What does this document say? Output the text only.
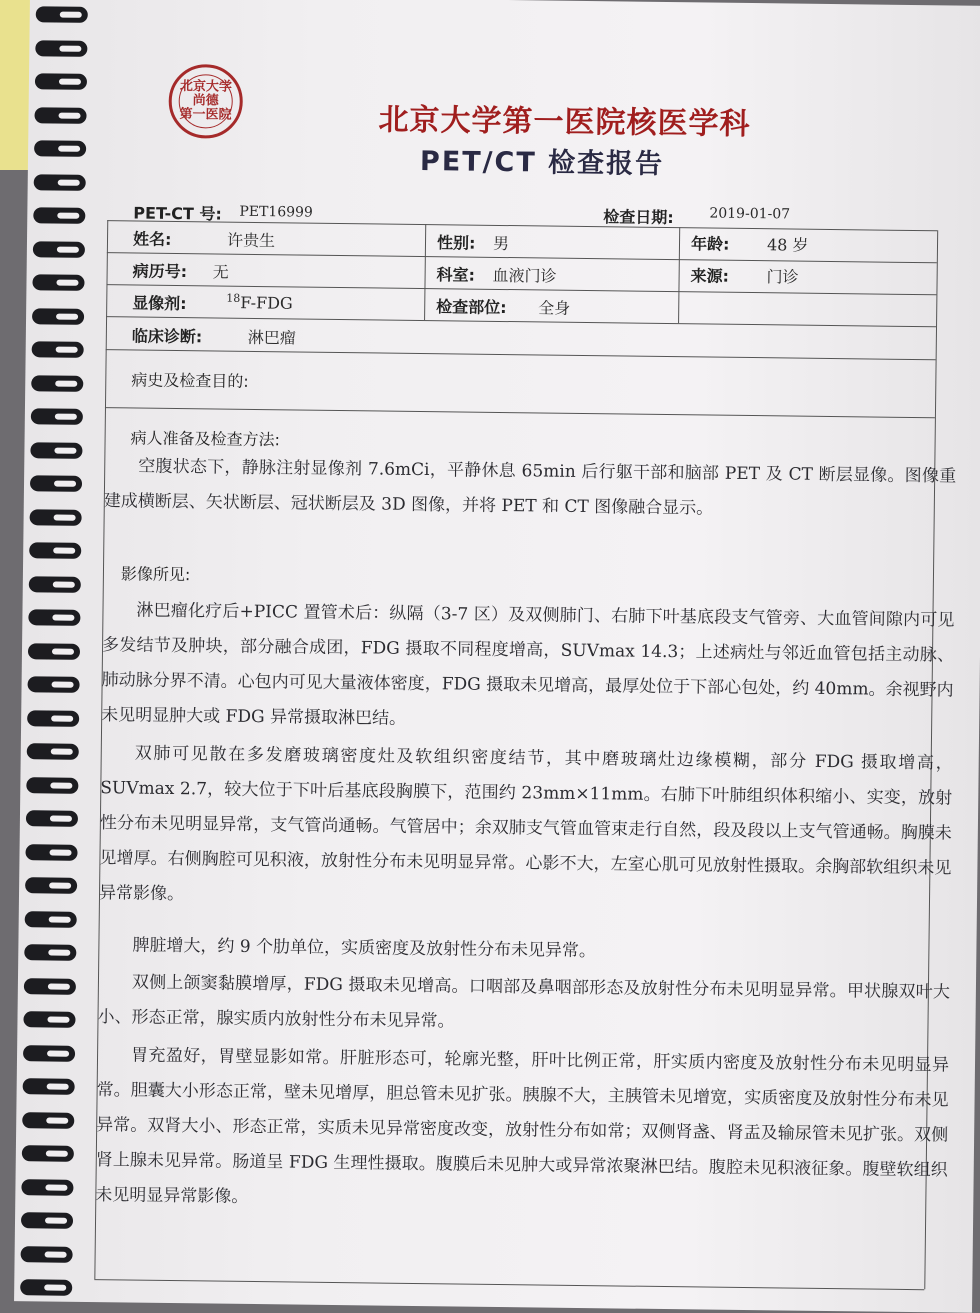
北京大学
尚德
第一医院	北京大学第一医院核医学科
PET/CT 检查报告
PET-CT 号: PET16999	检查日期:	2019-01-07
姓名:	许贵生	性别: 男	年龄: 48 岁
病历号: 无	科室: 血液门诊	来源: 门诊
显像剂:	$^{18}$F-FDG	检查部位: 全身
临床诊断:	淋巴瘤
病史及检查目的:
病人准备及检查方法:

空腹状态下，静脉注射显像剂 7.6mCi，平静休息 65min 后行躯干部和脑部 PET 及 CT 断层显像。图像重建成横断层、矢状断层、冠状断层及 3D 图像，并将 PET 和 CT 图像融合显示。

影像所见:

淋巴瘤化疗后+PICC 置管术后：纵隔（3-7 区）及双侧肺门、右肺下叶基底段支气管旁、大血管间隙内可见多发结节及肿块，部分融合成团，FDG 摄取不同程度增高，SUVmax 14.3；上述病灶与邻近血管包括主动脉、肺动脉分界不清。心包内可见大量液体密度，FDG 摄取未见增高，最厚处位于下部心包处，约 40mm。余视野内未见明显肿大或 FDG 异常摄取淋巴结。

双肺可见散在多发磨玻璃密度灶及软组织密度结节，其中磨玻璃灶边缘模糊，部分 FDG 摄取增高，SUVmax 2.7，较大位于下叶后基底段胸膜下，范围约 23mm×11mm。右肺下叶肺组织体积缩小、实变，放射性分布未见明显异常，支气管尚通畅。气管居中；余双肺支气管血管束走行自然，段及段以上支气管通畅。胸膜未见增厚。右侧胸腔可见积液，放射性分布未见明显异常。心影不大，左室心肌可见放射性摄取。余胸部软组织未见异常影像。

脾脏增大，约 9 个肋单位，实质密度及放射性分布未见异常。

双侧上颌窦黏膜增厚，FDG 摄取未见增高。口咽部及鼻咽部形态及放射性分布未见明显异常。甲状腺双叶大小、形态正常，腺实质内放射性分布未见异常。

胃充盈好，胃壁显影如常。肝脏形态可，轮廓光整，肝叶比例正常，肝实质内密度及放射性分布未见明显异常。胆囊大小形态正常，壁未见增厚，胆总管未见扩张。胰腺不大，主胰管未见增宽，实质密度及放射性分布未见异常。双肾大小、形态正常，实质未见异常密度改变，放射性分布如常；双侧肾盏、肾盂及输尿管未见扩张。双侧肾上腺未见异常。肠道呈 FDG 生理性摄取。腹膜后未见肿大或异常浓聚淋巴结。腹腔未见积液征象。腹壁软组织未见明显异常影像。
